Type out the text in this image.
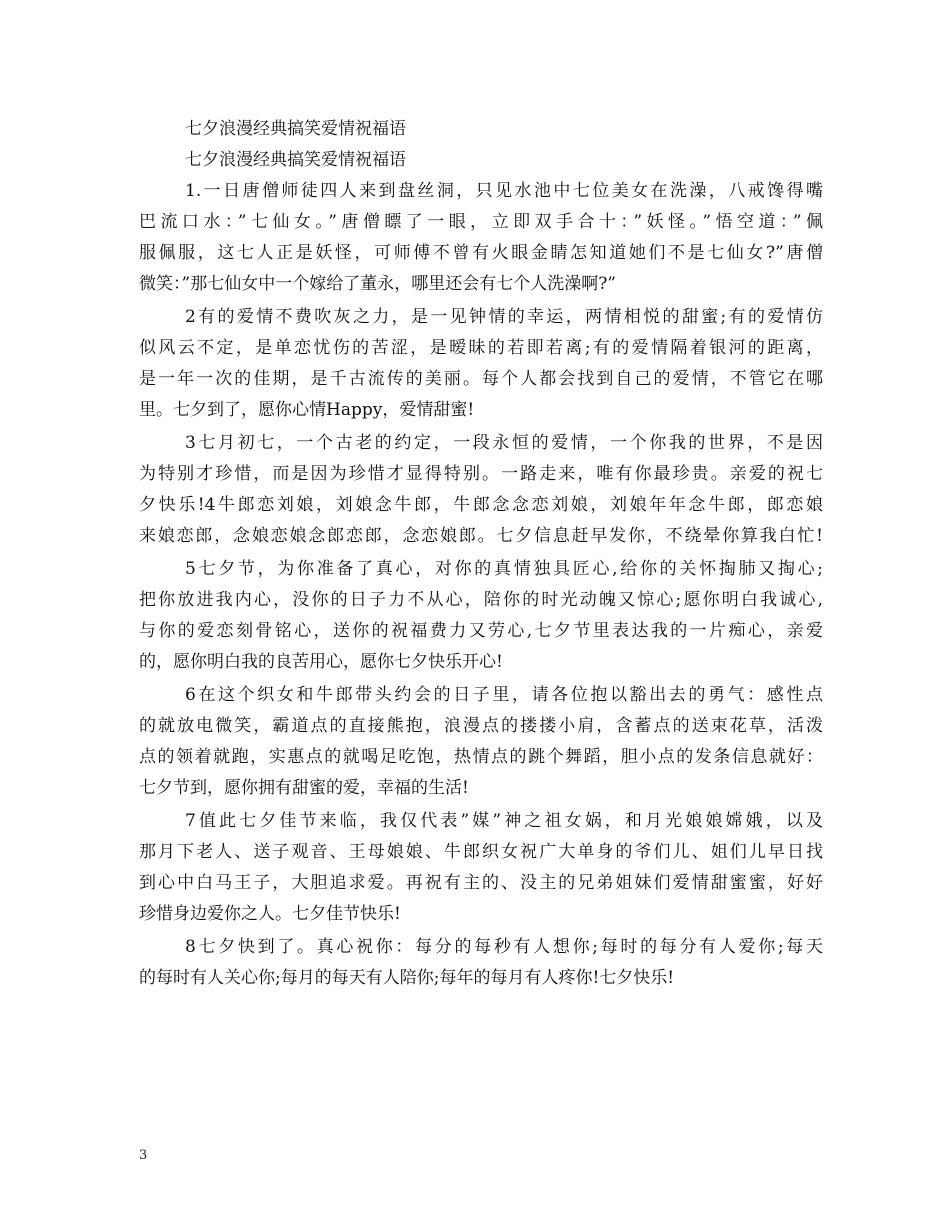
七夕浪漫经典搞笑爱情祝福语
七夕浪漫经典搞笑爱情祝福语
1.一日唐僧师徒四人来到盘丝洞，只见水池中七位美女在洗澡，八戒馋得嘴
巴流口水：”七仙女。”唐僧瞟了一眼，立即双手合十：”妖怪。”悟空道：”佩
服佩服，这七人正是妖怪，可师傅不曾有火眼金睛怎知道她们不是七仙女?”唐僧
微笑：”那七仙女中一个嫁给了董永，哪里还会有七个人洗澡啊?”
2有的爱情不费吹灰之力，是一见钟情的幸运，两情相悦的甜蜜;有的爱情仿
似风云不定，是单恋忧伤的苦涩，是暧昧的若即若离;有的爱情隔着银河的距离，
是一年一次的佳期，是千古流传的美丽。每个人都会找到自己的爱情，不管它在哪
里。七夕到了，愿你心情Happy，爱情甜蜜!
3七月初七，一个古老的约定，一段永恒的爱情，一个你我的世界，不是因
为特别才珍惜，而是因为珍惜才显得特别。一路走来，唯有你最珍贵。亲爱的祝七
夕快乐!4牛郎恋刘娘，刘娘念牛郎，牛郎念念恋刘娘，刘娘年年念牛郎，郎恋娘
来娘恋郎，念娘恋娘念郎恋郎，念恋娘郎。七夕信息赶早发你，不绕晕你算我白忙!
5七夕节，为你准备了真心，对你的真情独具匠心,给你的关怀掏肺又掏心;
把你放进我内心，没你的日子力不从心，陪你的时光动魄又惊心;愿你明白我诚心,
与你的爱恋刻骨铭心，送你的祝福费力又劳心,七夕节里表达我的一片痴心，亲爱
的，愿你明白我的良苦用心，愿你七夕快乐开心!
6在这个织女和牛郎带头约会的日子里，请各位抱以豁出去的勇气：感性点
的就放电微笑，霸道点的直接熊抱，浪漫点的搂搂小肩，含蓄点的送束花草，活泼
点的领着就跑，实惠点的就喝足吃饱，热情点的跳个舞蹈，胆小点的发条信息就好：
七夕节到，愿你拥有甜蜜的爱，幸福的生活!
7值此七夕佳节来临，我仅代表”媒”神之祖女娲，和月光娘娘嫦娥，以及
那月下老人、送子观音、王母娘娘、牛郎织女祝广大单身的爷们儿、姐们儿早日找
到心中白马王子，大胆追求爱。再祝有主的、没主的兄弟姐妹们爱情甜蜜蜜，好好
珍惜身边爱你之人。七夕佳节快乐!
8七夕快到了。真心祝你：每分的每秒有人想你;每时的每分有人爱你;每天
的每时有人关心你;每月的每天有人陪你;每年的每月有人疼你!七夕快乐!
3
